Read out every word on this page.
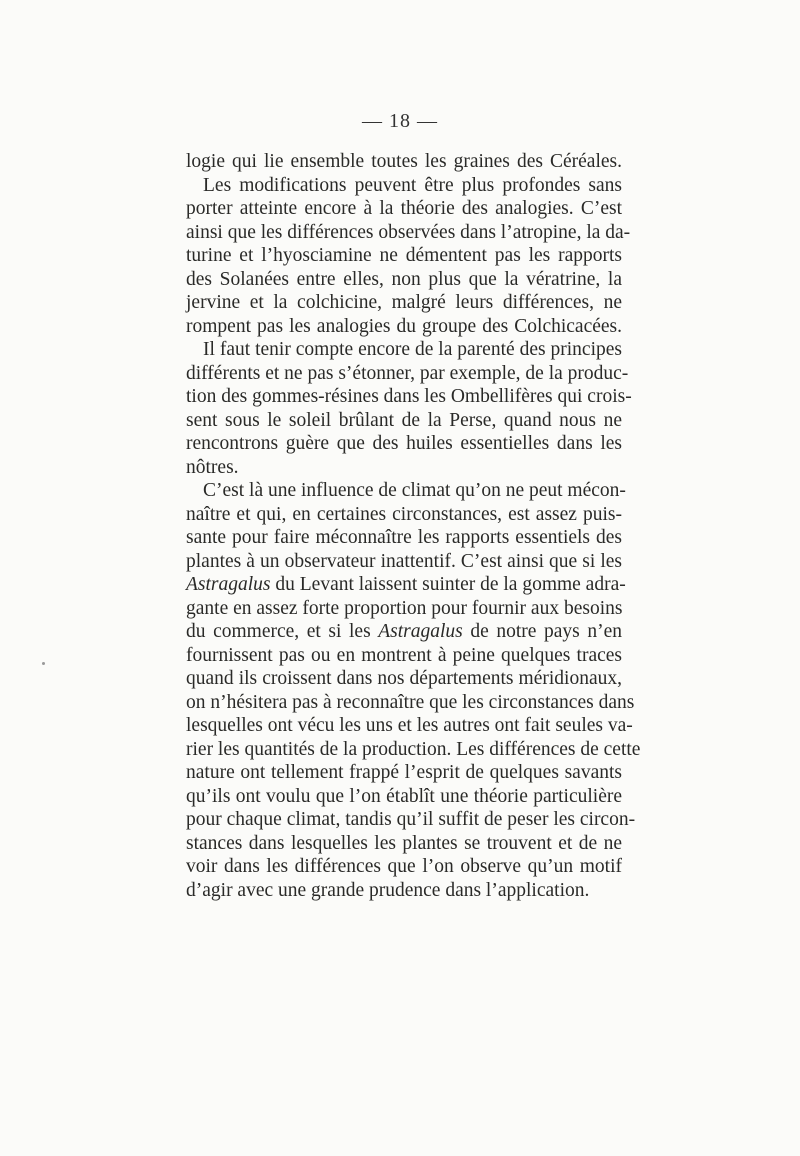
— 18 —
logie qui lie ensemble toutes les graines des Céréales.
Les modifications peuvent être plus profondes sans
porter atteinte encore à la théorie des analogies. C’est
ainsi que les différences observées dans l’atropine, la da-
turine et l’hyosciamine ne démentent pas les rapports
des Solanées entre elles, non plus que la vératrine, la
jervine et la colchicine, malgré leurs différences, ne
rompent pas les analogies du groupe des Colchicacées.
Il faut tenir compte encore de la parenté des principes
différents et ne pas s’étonner, par exemple, de la produc-
tion des gommes-résines dans les Ombellifères qui crois-
sent sous le soleil brûlant de la Perse, quand nous ne
rencontrons guère que des huiles essentielles dans les
nôtres.
C’est là une influence de climat qu’on ne peut mécon-
naître et qui, en certaines circonstances, est assez puis-
sante pour faire méconnaître les rapports essentiels des
plantes à un observateur inattentif. C’est ainsi que si les
Astragalus du Levant laissent suinter de la gomme adra-
gante en assez forte proportion pour fournir aux besoins
du commerce, et si les Astragalus de notre pays n’en
fournissent pas ou en montrent à peine quelques traces
quand ils croissent dans nos départements méridionaux,
on n’hésitera pas à reconnaître que les circonstances dans
lesquelles ont vécu les uns et les autres ont fait seules va-
rier les quantités de la production. Les différences de cette
nature ont tellement frappé l’esprit de quelques savants
qu’ils ont voulu que l’on établît une théorie particulière
pour chaque climat, tandis qu’il suffit de peser les circon-
stances dans lesquelles les plantes se trouvent et de ne
voir dans les différences que l’on observe qu’un motif
d’agir avec une grande prudence dans l’application.
